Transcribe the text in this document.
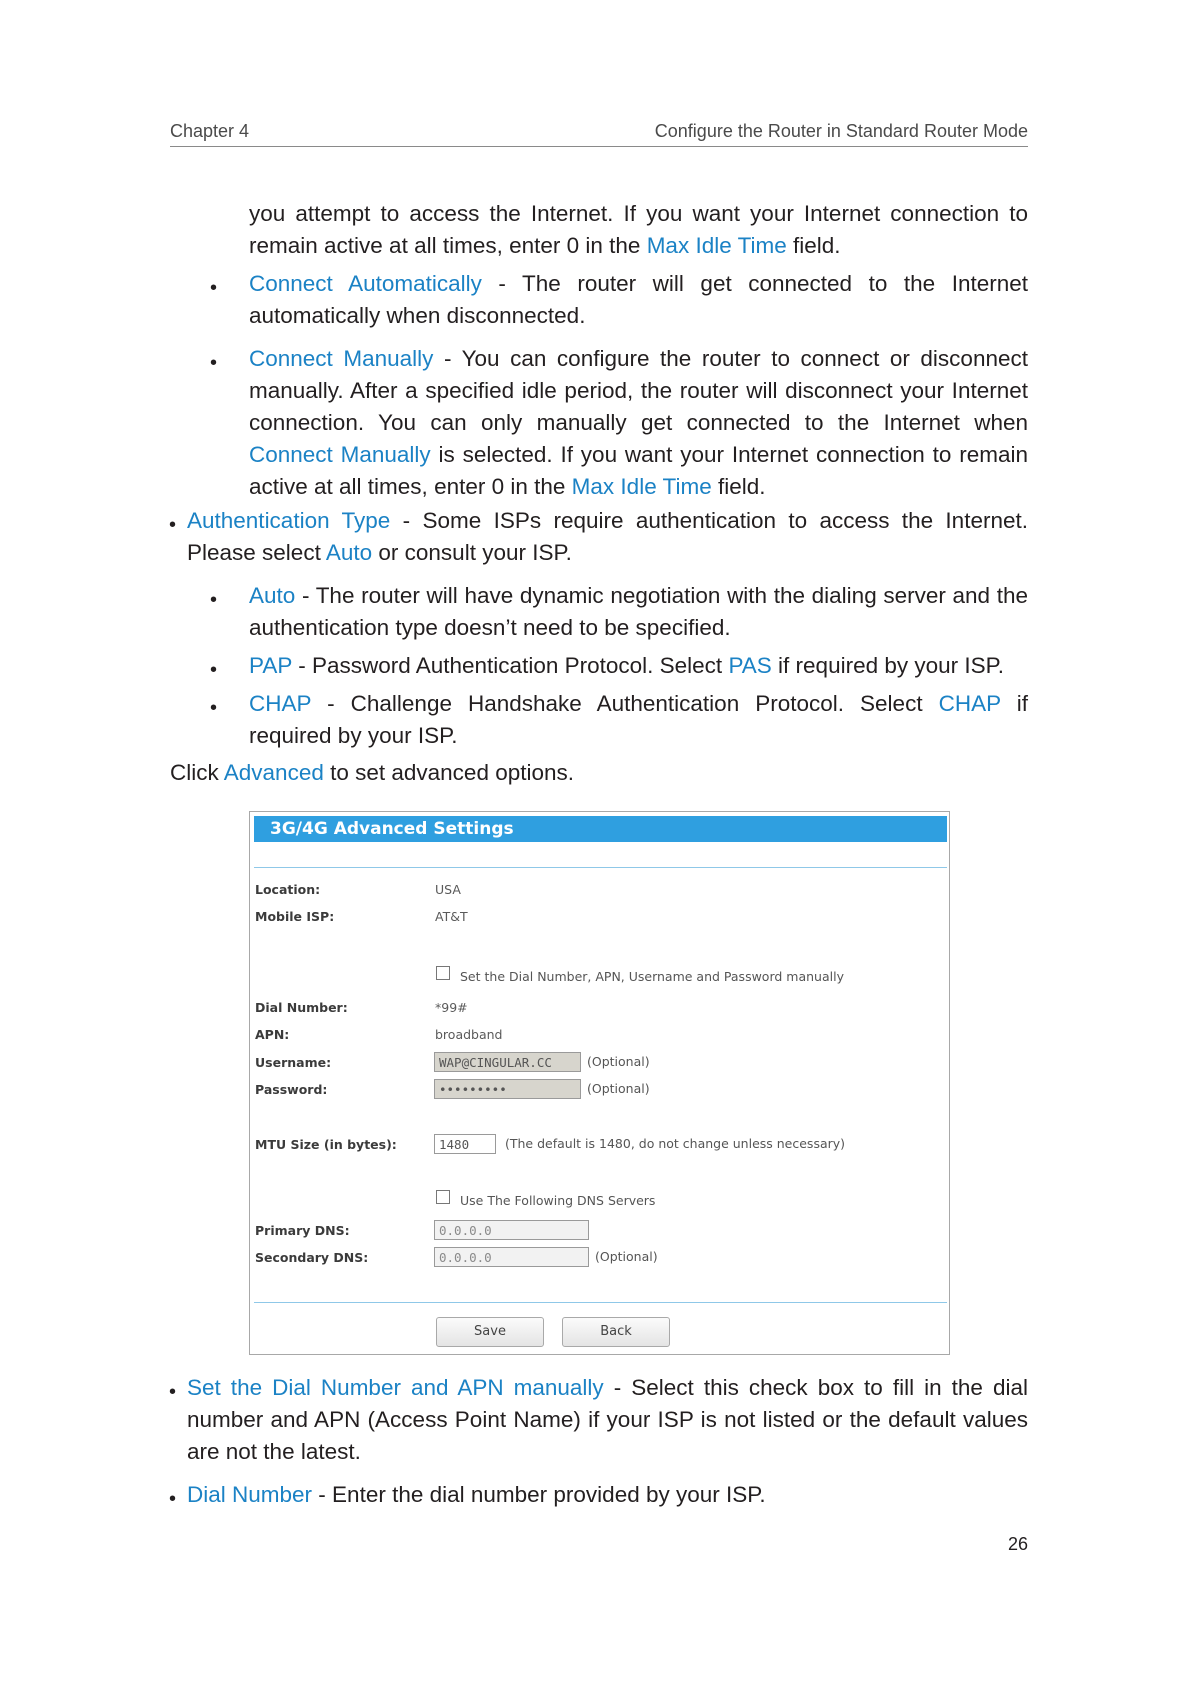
Chapter 4	Configure the Router in Standard Router Mode
you attempt to access the Internet. If you want your Internet connection to remain active at all times, enter 0 in the Max Idle Time field.
• Connect Automatically - The router will get connected to the Internet automatically when disconnected.
• Connect Manually - You can configure the router to connect or disconnect manually. After a specified idle period, the router will disconnect your Internet connection. You can only manually get connected to the Internet when Connect Manually is selected. If you want your Internet connection to remain active at all times, enter 0 in the Max Idle Time field.
• Authentication Type - Some ISPs require authentication to access the Internet. Please select Auto or consult your ISP.
• Auto - The router will have dynamic negotiation with the dialing server and the authentication type doesn’t need to be specified.
• PAP - Password Authentication Protocol. Select PAS if required by your ISP.
• CHAP - Challenge Handshake Authentication Protocol. Select CHAP if required by your ISP.
Click Advanced to set advanced options.
• Set the Dial Number and APN manually - Select this check box to fill in the dial number and APN (Access Point Name) if your ISP is not listed or the default values are not the latest.
• Dial Number - Enter the dial number provided by your ISP.
3G/4G Advanced Settings
Location:	USA
Mobile ISP:	AT&T
Set the Dial Number, APN, Username and Password manually
Dial Number:	*99#
APN:	broadband
Username:	WAP@CINGULAR.CC	(Optional)
Password:	•••••••••	(Optional)
MTU Size (in bytes):	1480	(The default is 1480, do not change unless necessary)
Use The Following DNS Servers
Primary DNS:	0.0.0.0
Secondary DNS:	0.0.0.0	(Optional)
Save	Back
26
